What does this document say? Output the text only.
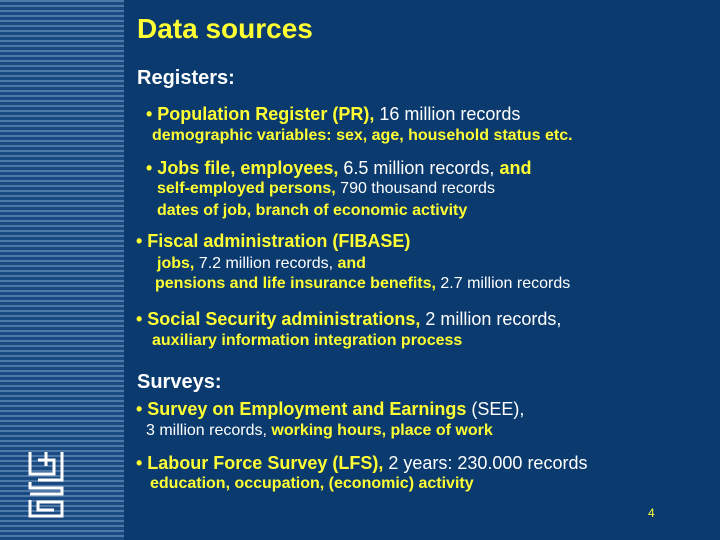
Data sources
Registers:
• Population Register (PR), 16 million records
demographic variables: sex, age, household status etc.
• Jobs file, employees, 6.5 million records, and
self-employed persons, 790 thousand records
dates of job, branch of economic activity
• Fiscal administration (FIBASE)
jobs, 7.2 million records, and
pensions and life insurance benefits, 2.7 million records
• Social Security administrations, 2 million records,
auxiliary information integration process
Surveys:
• Survey on Employment and Earnings (SEE),
3 million records, working hours, place of work
• Labour Force Survey (LFS), 2 years: 230.000 records
education, occupation, (economic) activity
4
